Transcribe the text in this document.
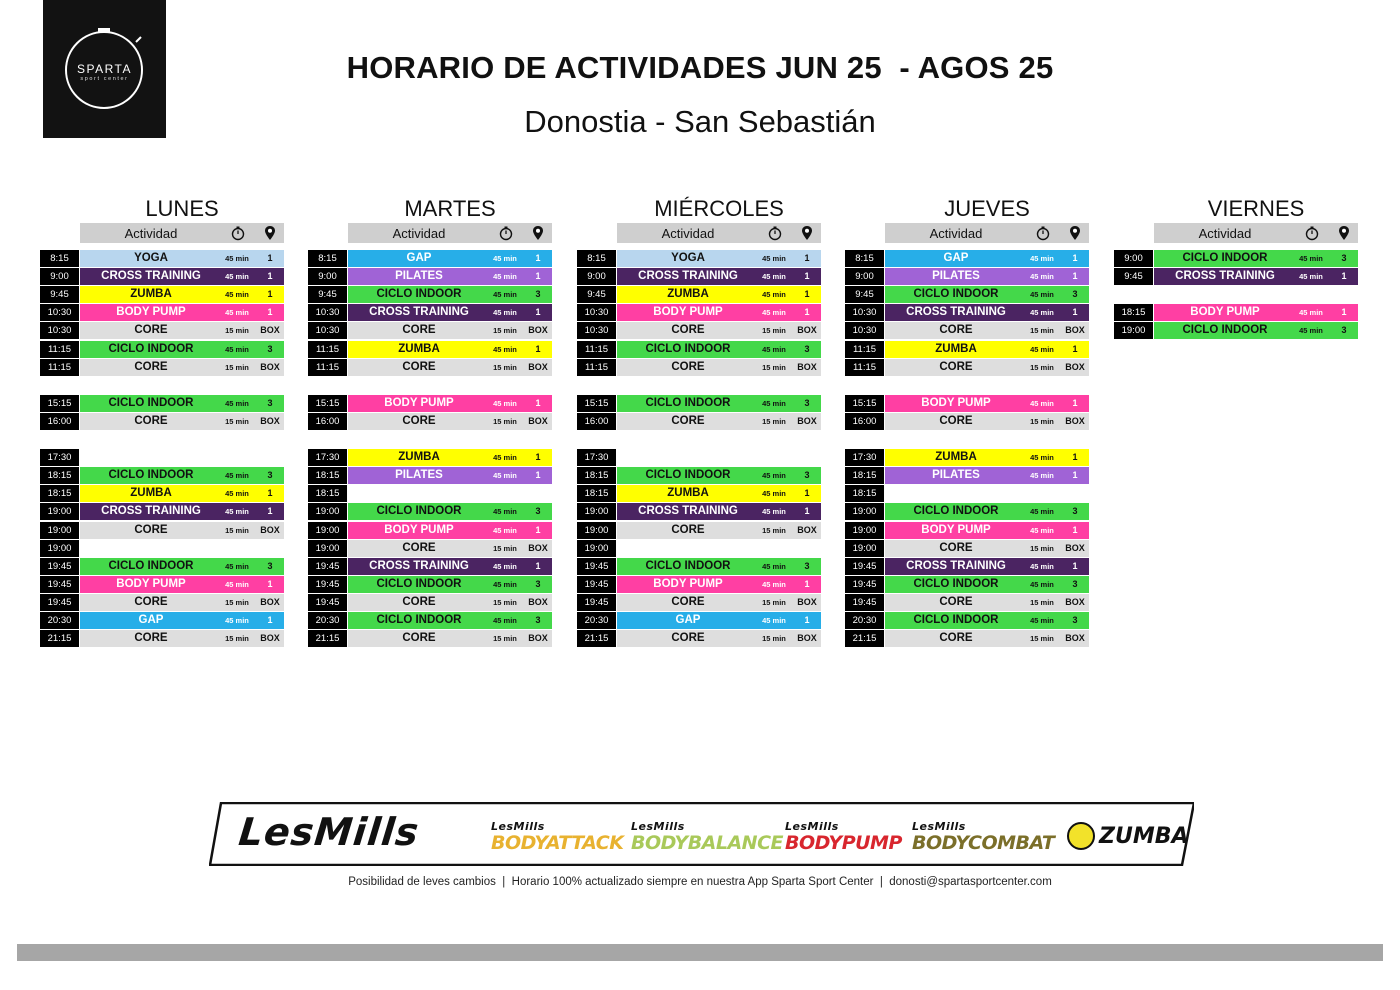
SPARTA
sport center	HORARIO DE ACTIVIDADES JUN 25  - AGOS 25
Donostia - San Sebastián
LUNES
Actividad
8:15	YOGA	45 min	1
9:00	CROSS TRAINING	45 min	1
9:45	ZUMBA	45 min	1
10:30	BODY PUMP	45 min	1
10:30	CORE	15 min	BOX
11:15	CICLO INDOOR	45 min	3
11:15	CORE	15 min	BOX
15:15	CICLO INDOOR	45 min	3
16:00	CORE	15 min	BOX
17:30
18:15	CICLO INDOOR	45 min	3
18:15	ZUMBA	45 min	1
19:00	CROSS TRAINING	45 min	1
19:00	CORE	15 min	BOX
19:00
19:45	CICLO INDOOR	45 min	3
19:45	BODY PUMP	45 min	1
19:45	CORE	15 min	BOX
20:30	GAP	45 min	1
21:15	CORE	15 min	BOX
MARTES
Actividad
8:15	GAP	45 min	1
9:00	PILATES	45 min	1
9:45	CICLO INDOOR	45 min	3
10:30	CROSS TRAINING	45 min	1
10:30	CORE	15 min	BOX
11:15	ZUMBA	45 min	1
11:15	CORE	15 min	BOX
15:15	BODY PUMP	45 min	1
16:00	CORE	15 min	BOX
17:30	ZUMBA	45 min	1
18:15	PILATES	45 min	1
18:15
19:00	CICLO INDOOR	45 min	3
19:00	BODY PUMP	45 min	1
19:00	CORE	15 min	BOX
19:45	CROSS TRAINING	45 min	1
19:45	CICLO INDOOR	45 min	3
19:45	CORE	15 min	BOX
20:30	CICLO INDOOR	45 min	3
21:15	CORE	15 min	BOX
MIÉRCOLES
Actividad
8:15	YOGA	45 min	1
9:00	CROSS TRAINING	45 min	1
9:45	ZUMBA	45 min	1
10:30	BODY PUMP	45 min	1
10:30	CORE	15 min	BOX
11:15	CICLO INDOOR	45 min	3
11:15	CORE	15 min	BOX
15:15	CICLO INDOOR	45 min	3
16:00	CORE	15 min	BOX
17:30
18:15	CICLO INDOOR	45 min	3
18:15	ZUMBA	45 min	1
19:00	CROSS TRAINING	45 min	1
19:00	CORE	15 min	BOX
19:00
19:45	CICLO INDOOR	45 min	3
19:45	BODY PUMP	45 min	1
19:45	CORE	15 min	BOX
20:30	GAP	45 min	1
21:15	CORE	15 min	BOX
JUEVES
Actividad
8:15	GAP	45 min	1
9:00	PILATES	45 min	1
9:45	CICLO INDOOR	45 min	3
10:30	CROSS TRAINING	45 min	1
10:30	CORE	15 min	BOX
11:15	ZUMBA	45 min	1
11:15	CORE	15 min	BOX
15:15	BODY PUMP	45 min	1
16:00	CORE	15 min	BOX
17:30	ZUMBA	45 min	1
18:15	PILATES	45 min	1
18:15
19:00	CICLO INDOOR	45 min	3
19:00	BODY PUMP	45 min	1
19:00	CORE	15 min	BOX
19:45	CROSS TRAINING	45 min	1
19:45	CICLO INDOOR	45 min	3
19:45	CORE	15 min	BOX
20:30	CICLO INDOOR	45 min	3
21:15	CORE	15 min	BOX
VIERNES
Actividad
9:00	CICLO INDOOR	45 min	3
9:45	CROSS TRAINING	45 min	1
18:15	BODY PUMP	45 min	1
19:00	CICLO INDOOR	45 min	3
LesMills	LesMills
BODYATTACK
LesMills
BODYBALANCE
LesMills
BODYPUMP
LesMills
BODYCOMBAT	ZUMBA
Posibilidad de leves cambios  |  Horario 100% actualizado siempre en nuestra App Sparta Sport Center  |  donosti@spartasportcenter.com
